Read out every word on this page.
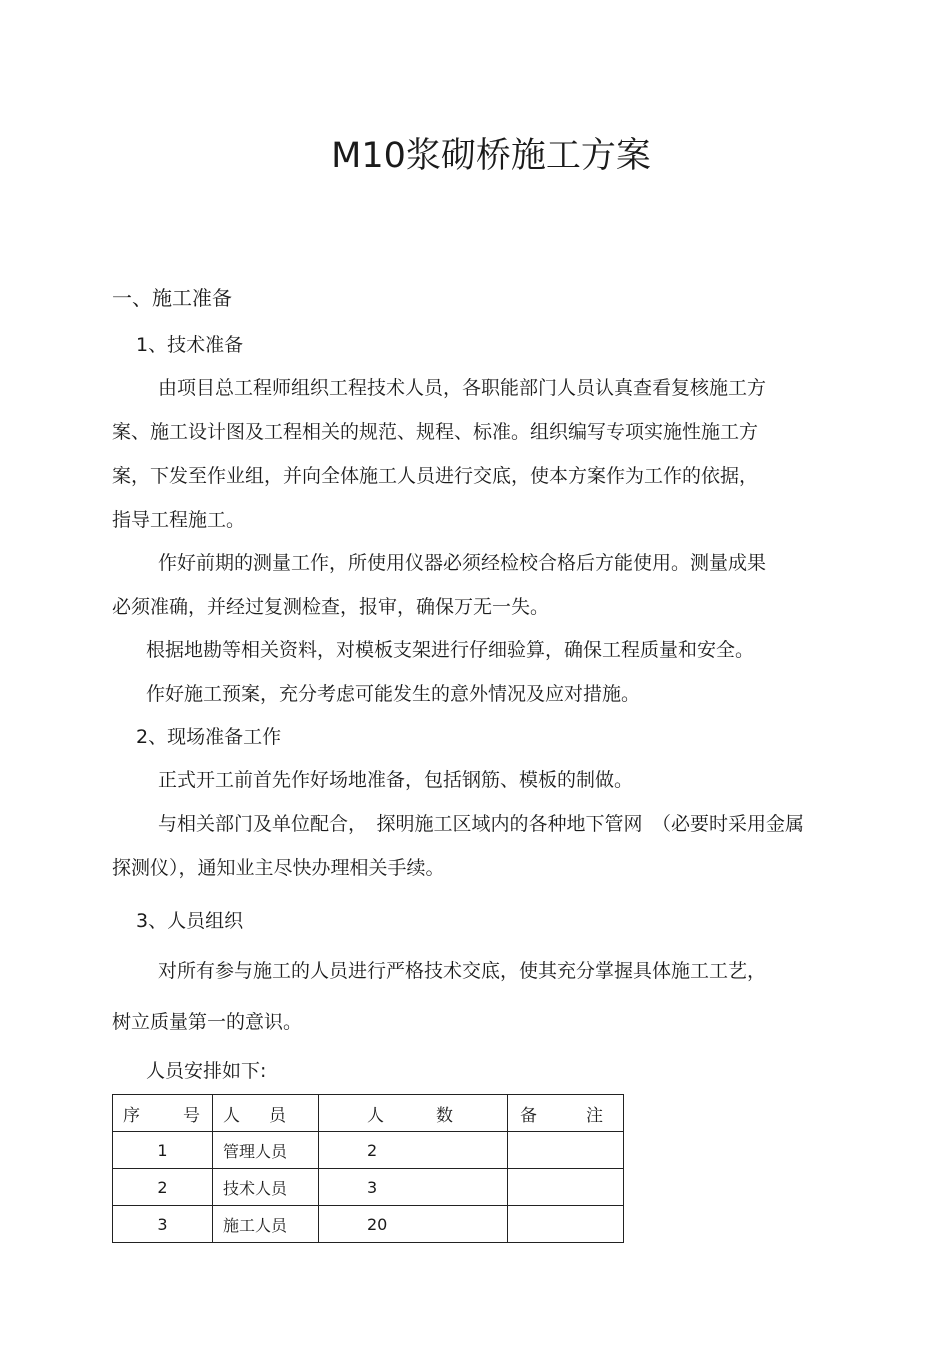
M10浆砌桥施工方案
一、施工准备
1、技术准备
由项目总工程师组织工程技术人员，各职能部门人员认真查看复核施工方
案、施工设计图及工程相关的规范、规程、标准。组织编写专项实施性施工方
案，下发至作业组，并向全体施工人员进行交底，使本方案作为工作的依据，
指导工程施工。
作好前期的测量工作，所使用仪器必须经检校合格后方能使用。测量成果
必须准确，并经过复测检查，报审，确保万无一失。
根据地勘等相关资料，对模板支架进行仔细验算，确保工程质量和安全。
作好施工预案，充分考虑可能发生的意外情况及应对措施。
2、现场准备工作
正式开工前首先作好场地准备，包括钢筋、模板的制做。
与相关部门及单位配合，　探明施工区域内的各种地下管网　（必要时采用金属
探测仪），通知业主尽快办理相关手续。
3、人员组织
对所有参与施工的人员进行严格技术交底，使其充分掌握具体施工工艺，
树立质量第一的意识。
人员安排如下:
序 号	人 员	人 数	备 注

1	管理人员	2	
2	技术人员	3	
3	施工人员	20	
